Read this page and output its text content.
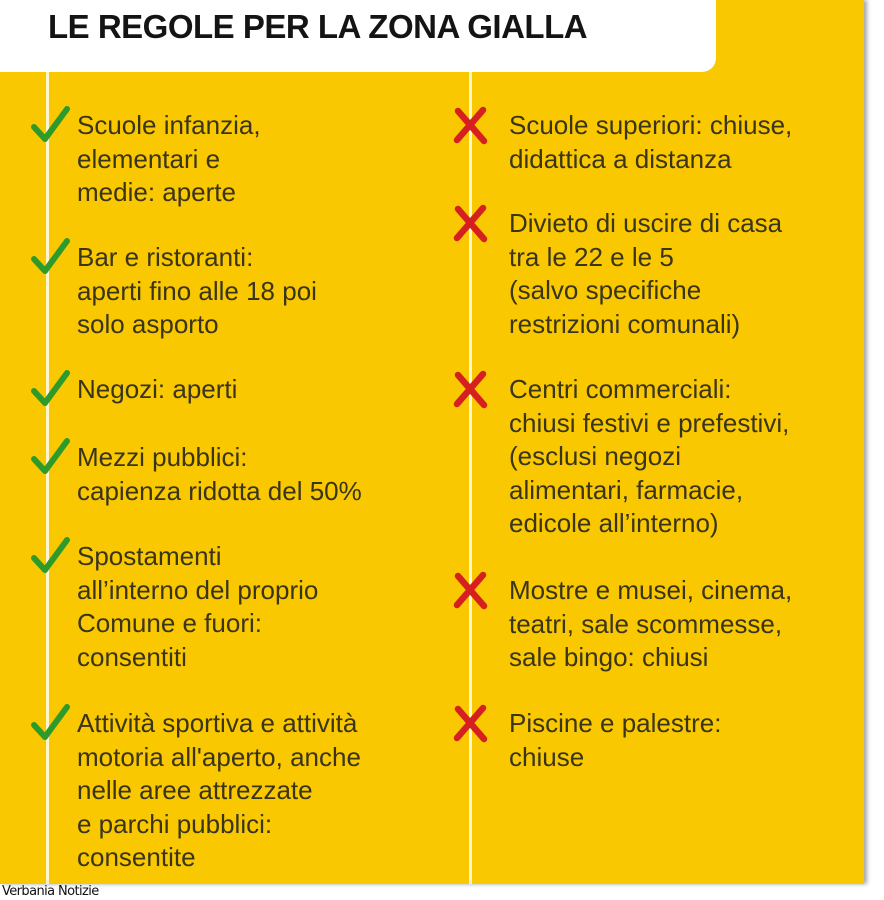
LE REGOLE PER LA ZONA GIALLA
Scuole infanzia,
elementari e
medie: aperte
Bar e ristoranti:
aperti fino alle 18 poi
solo asporto
Negozi: aperti
Mezzi pubblici:
capienza ridotta del 50%
Spostamenti
all’interno del proprio
Comune e fuori:
consentiti
Attività sportiva e attività
motoria all'aperto, anche
nelle aree attrezzate
e parchi pubblici:
consentite
Scuole superiori: chiuse,
didattica a distanza
Divieto di uscire di casa
tra le 22 e le 5
(salvo specifiche
restrizioni comunali)
Centri commerciali:
chiusi festivi e prefestivi,
(esclusi negozi
alimentari, farmacie,
edicole all’interno)
Mostre e musei, cinema,
teatri, sale scommesse,
sale bingo: chiusi
Piscine e palestre:
chiuse
Verbania Notizie
